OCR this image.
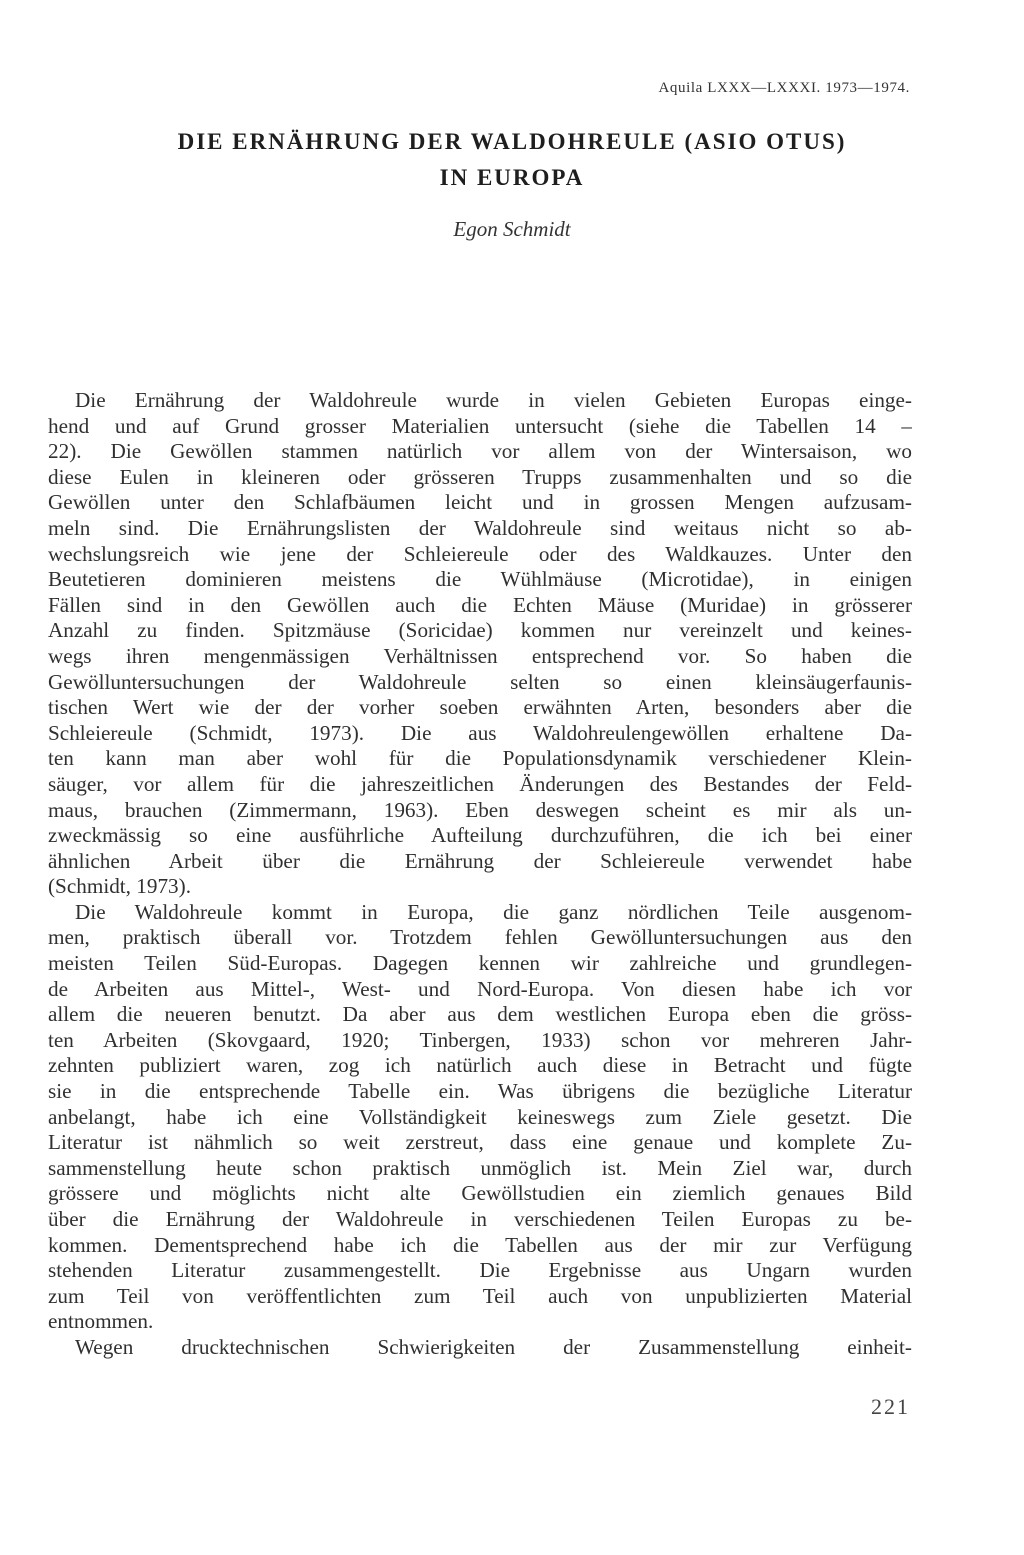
Aquila LXXX—LXXXI. 1973—1974.
DIE ERNÄHRUNG DER WALDOHREULE (ASIO OTUS)
IN EUROPA
Egon Schmidt
Die Ernährung der Waldohreule wurde in vielen Gebieten Europas einge-
hend und auf Grund grosser Materialien untersucht (siehe die Tabellen 14 –
22). Die Gewöllen stammen natürlich vor allem von der Wintersaison, wo
diese Eulen in kleineren oder grösseren Trupps zusammenhalten und so die
Gewöllen unter den Schlafbäumen leicht und in grossen Mengen aufzusam-
meln sind. Die Ernährungslisten der Waldohreule sind weitaus nicht so ab-
wechslungsreich wie jene der Schleiereule oder des Waldkauzes. Unter den
Beutetieren dominieren meistens die Wühlmäuse (Microtidae), in einigen
Fällen sind in den Gewöllen auch die Echten Mäuse (Muridae) in grösserer
Anzahl zu finden. Spitzmäuse (Soricidae) kommen nur vereinzelt und keines-
wegs ihren mengenmässigen Verhältnissen entsprechend vor. So haben die
Gewölluntersuchungen der Waldohreule selten so einen kleinsäugerfaunis-
tischen Wert wie der der vorher soeben erwähnten Arten, besonders aber die
Schleiereule (Schmidt, 1973). Die aus Waldohreulengewöllen erhaltene Da-
ten kann man aber wohl für die Populationsdynamik verschiedener Klein-
säuger, vor allem für die jahreszeitlichen Änderungen des Bestandes der Feld-
maus, brauchen (Zimmermann, 1963). Eben deswegen scheint es mir als un-
zweckmässig so eine ausführliche Aufteilung durchzuführen, die ich bei einer
ähnlichen Arbeit über die Ernährung der Schleiereule verwendet habe
(Schmidt, 1973).
Die Waldohreule kommt in Europa, die ganz nördlichen Teile ausgenom-
men, praktisch überall vor. Trotzdem fehlen Gewölluntersuchungen aus den
meisten Teilen Süd-Europas. Dagegen kennen wir zahlreiche und grundlegen-
de Arbeiten aus Mittel-, West- und Nord-Europa. Von diesen habe ich vor
allem die neueren benutzt. Da aber aus dem westlichen Europa eben die gröss-
ten Arbeiten (Skovgaard, 1920; Tinbergen, 1933) schon vor mehreren Jahr-
zehnten publiziert waren, zog ich natürlich auch diese in Betracht und fügte
sie in die entsprechende Tabelle ein. Was übrigens die bezügliche Literatur
anbelangt, habe ich eine Vollständigkeit keineswegs zum Ziele gesetzt. Die
Literatur ist nähmlich so weit zerstreut, dass eine genaue und komplete Zu-
sammenstellung heute schon praktisch unmöglich ist. Mein Ziel war, durch
grössere und möglichts nicht alte Gewöllstudien ein ziemlich genaues Bild
über die Ernährung der Waldohreule in verschiedenen Teilen Europas zu be-
kommen. Dementsprechend habe ich die Tabellen aus der mir zur Verfügung
stehenden Literatur zusammengestellt. Die Ergebnisse aus Ungarn wurden
zum Teil von veröffentlichten zum Teil auch von unpublizierten Material
entnommen.
Wegen drucktechnischen Schwierigkeiten der Zusammenstellung einheit-
221
